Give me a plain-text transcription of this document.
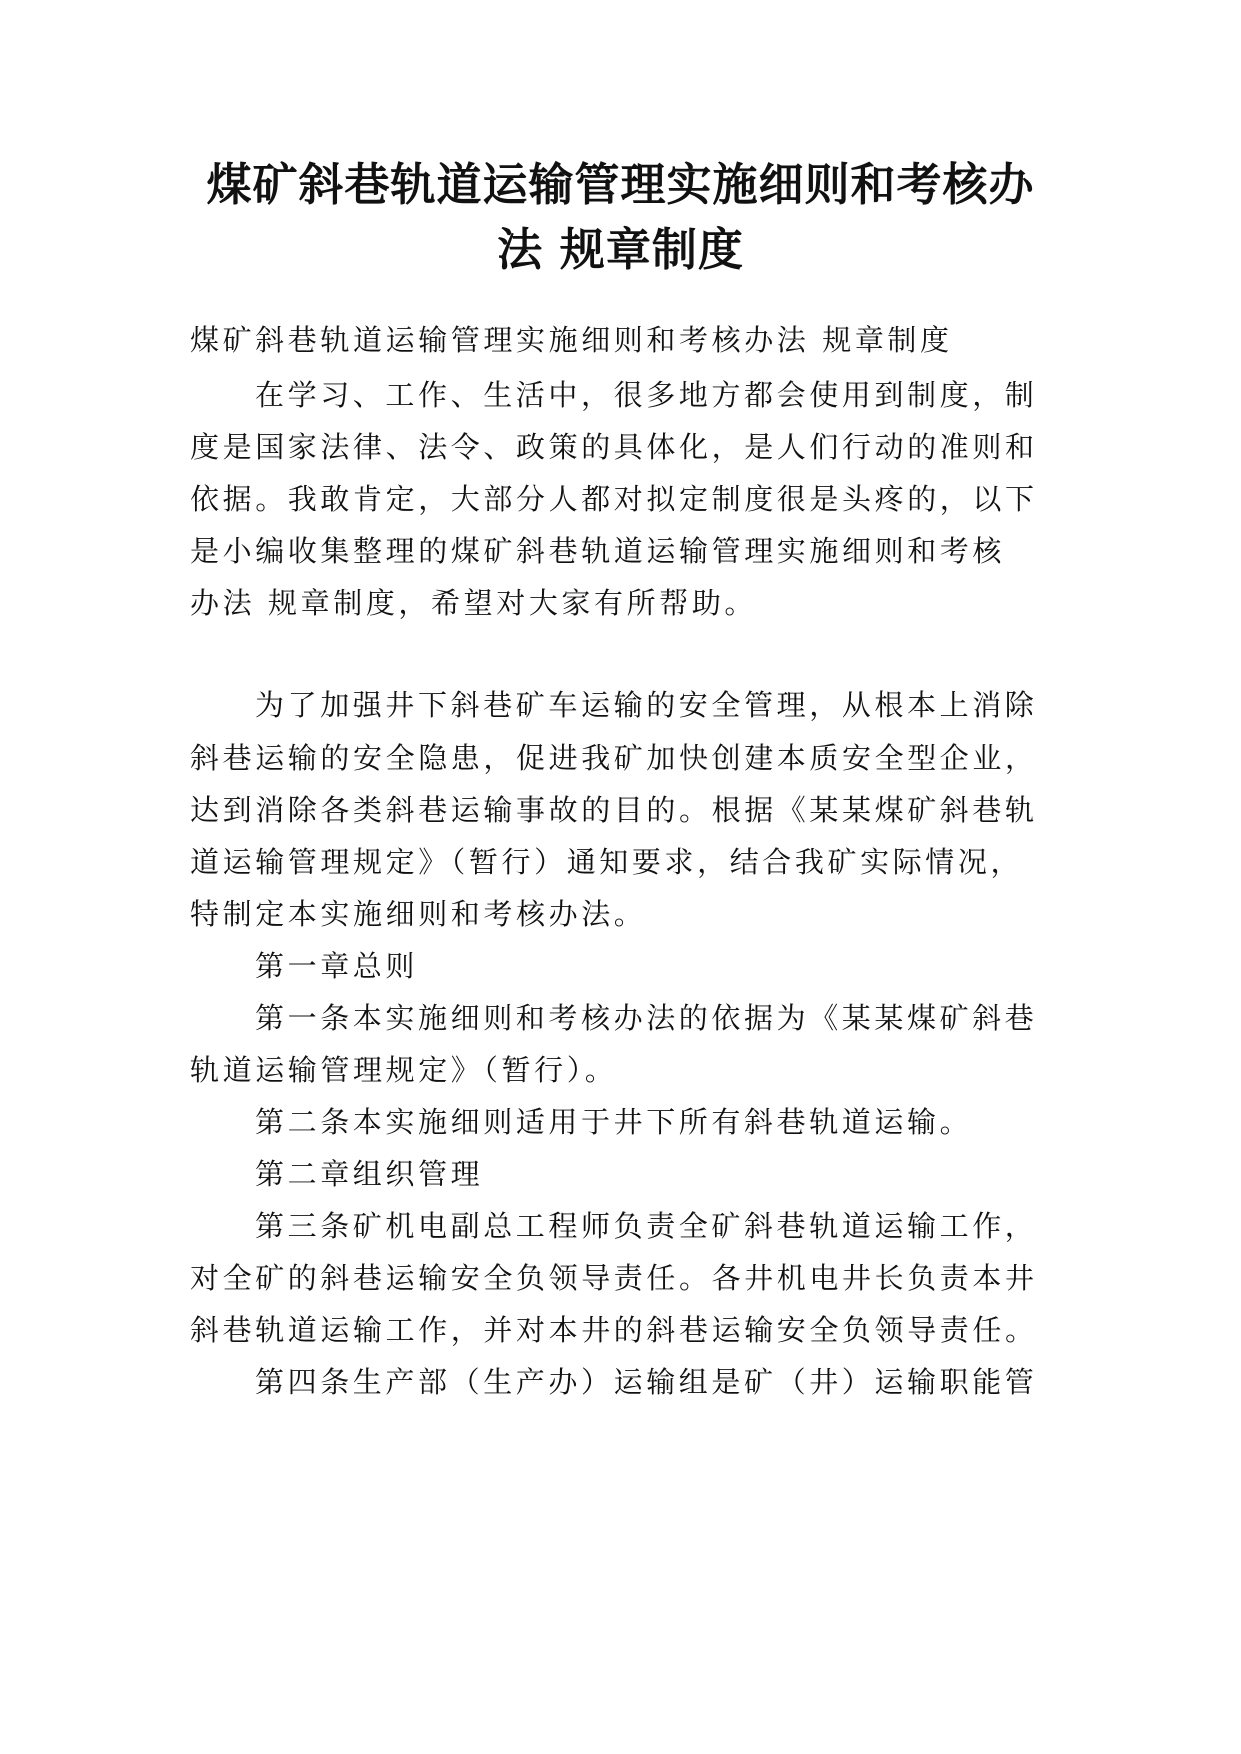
煤矿斜巷轨道运输管理实施细则和考核办
法 规章制度

煤矿斜巷轨道运输管理实施细则和考核办法 规章制度

在学习、工作、生活中，很多地方都会使用到制度，制

度是国家法律、法令、政策的具体化，是人们行动的准则和

依据。我敢肯定，大部分人都对拟定制度很是头疼的，以下

是小编收集整理的煤矿斜巷轨道运输管理实施细则和考核

办法 规章制度，希望对大家有所帮助。

为了加强井下斜巷矿车运输的安全管理，从根本上消除

斜巷运输的安全隐患，促进我矿加快创建本质安全型企业，

达到消除各类斜巷运输事故的目的。根据《某某煤矿斜巷轨

道运输管理规定》（暂行）通知要求，结合我矿实际情况，

特制定本实施细则和考核办法。

第一章总则

第一条本实施细则和考核办法的依据为《某某煤矿斜巷

轨道运输管理规定》（暂行）。

第二条本实施细则适用于井下所有斜巷轨道运输。

第二章组织管理

第三条矿机电副总工程师负责全矿斜巷轨道运输工作，

对全矿的斜巷运输安全负领导责任。各井机电井长负责本井

斜巷轨道运输工作，并对本井的斜巷运输安全负领导责任。

第四条生产部（生产办）运输组是矿（井）运输职能管
